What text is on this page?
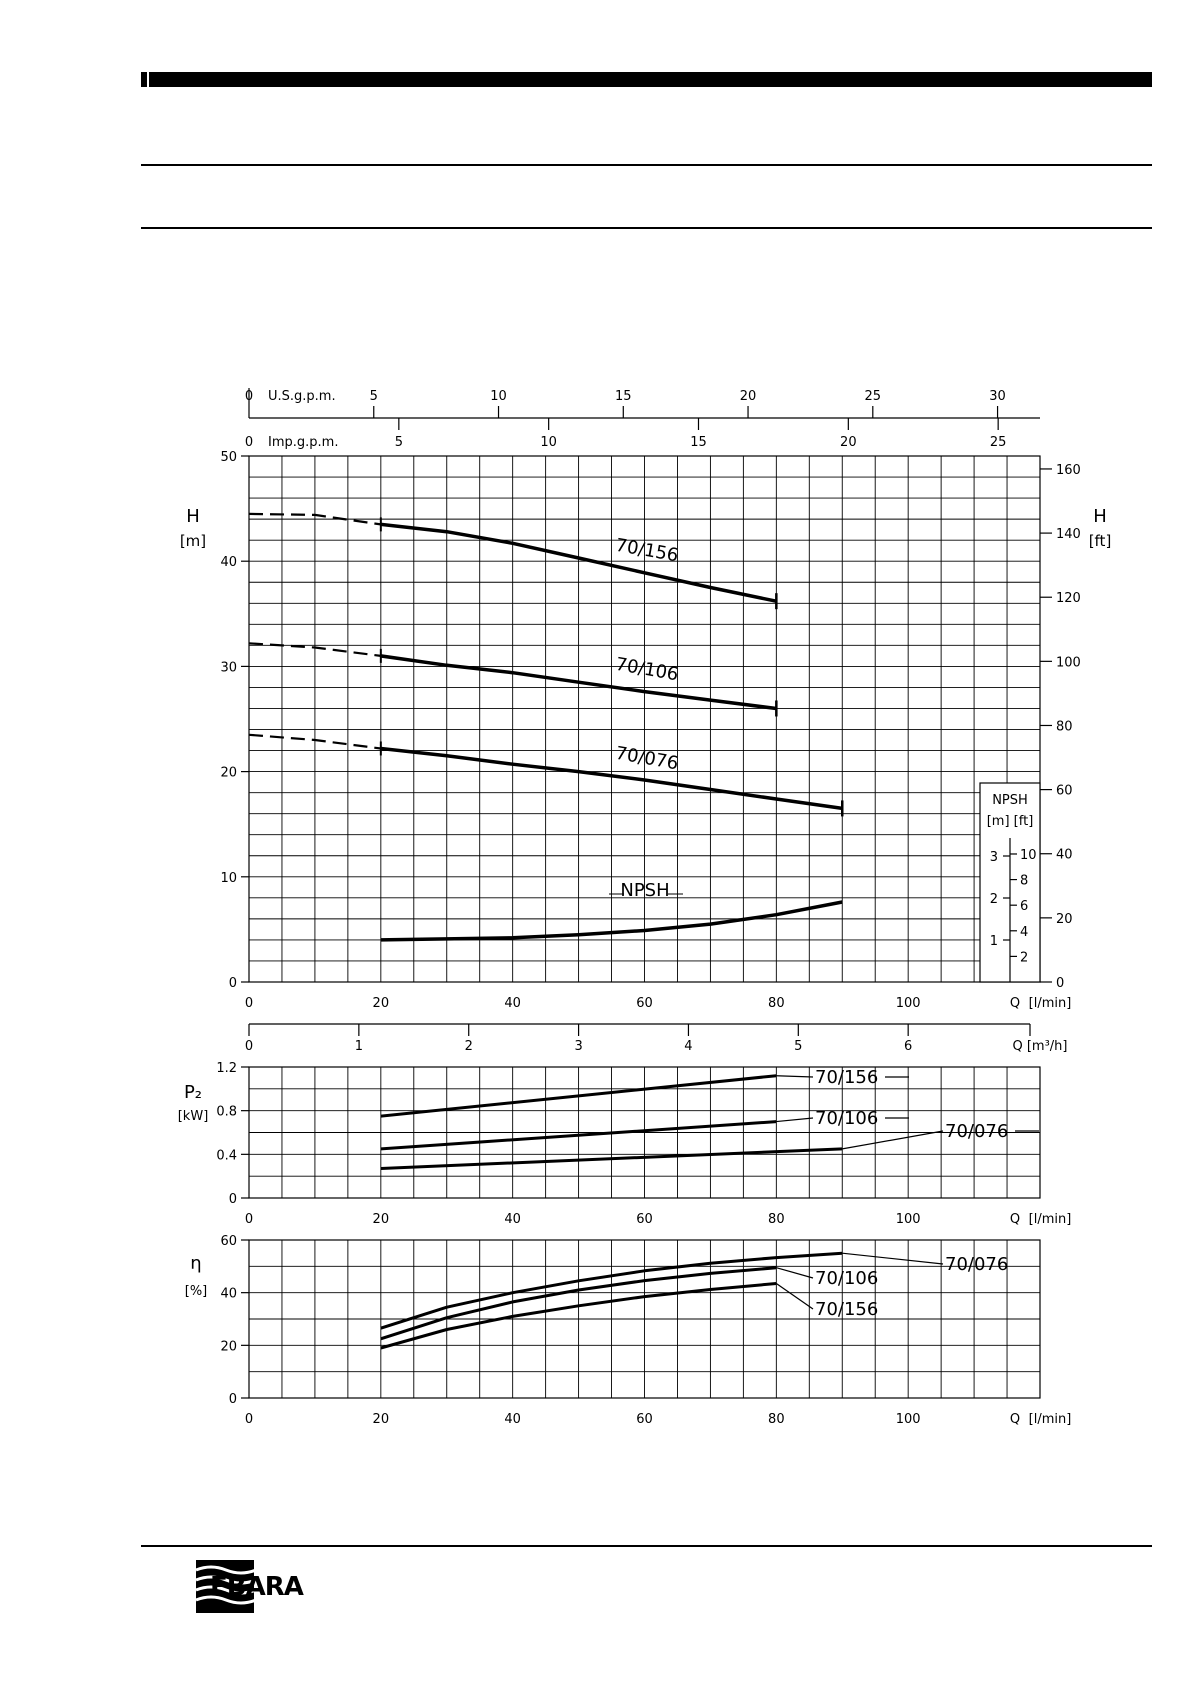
0	5	10	15	20	25	30
U.S.g.p.m.
0	5	10	15	20	25
Imp.g.p.m.
0
10
20
30
40
50
H
[m]
0
20
40
60
80
100
120
140
160
H
[ft]
0	20	40	60	80	100	Q [l/min]
NPSH
[m] [ft]
1
2
3
2
4
6
8
10
70/156
70/106
70/076
NPSH
0	1	2	3	4	5	6	Q [m³/h]
0
0.4
0.8
1.2
P₂
[kW]
0	20	40	60	80	100	Q [l/min]
70/156
70/106
70/076
0
20
40
60
η
[%]
0	20	40	60	80	100	Q [l/min]
70/076
70/106
70/156
EBARA
